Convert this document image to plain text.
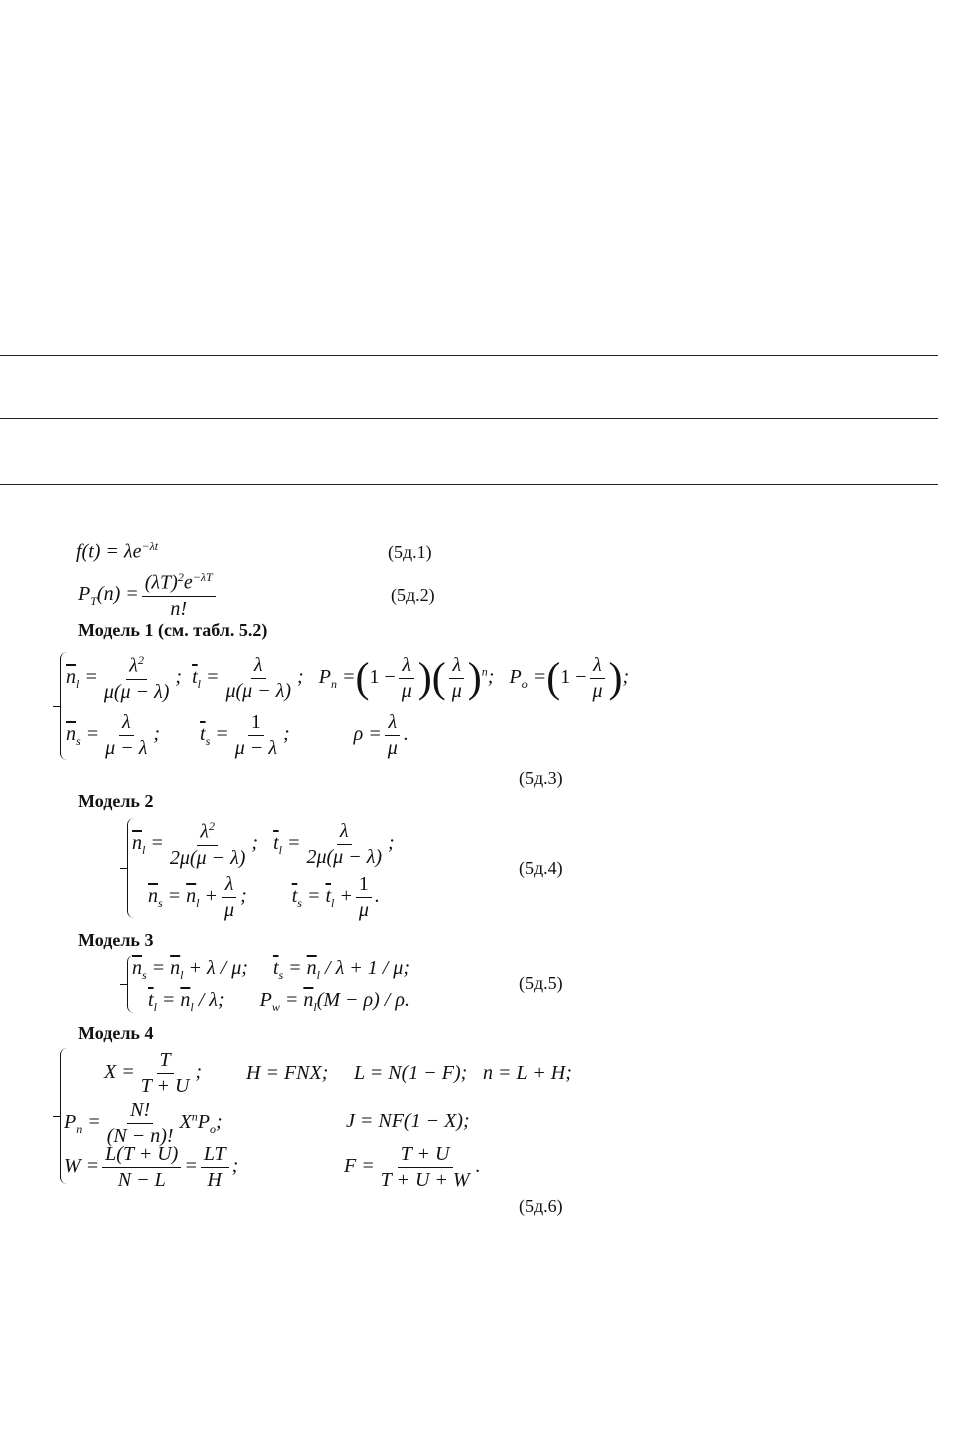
$f(t) = \lambda e^{-\lambda t}$	(5д.1)
$P_T(n) = \frac{(\lambda T)^2e^{-\lambda T}}{n!}$	(5д.2)
Модель 1 (см. табл. 5.2)
$\overline{n}_l = \frac{\lambda^2}{\mu(\mu - \lambda)}$ ;  $\overline{t}_l = \frac{\lambda}{\mu(\mu - \lambda)}$ ;   $P_n =(1 - \frac{\lambda}{\mu}$ )( $\frac{\lambda}{\mu} )^n$;   $P_o =(1 - \frac{\lambda}{\mu}$ );
$\overline{n}_s = \frac{\lambda}{\mu - \lambda}$ ;        $\overline{t}_s = \frac{1}{\mu - \lambda}$ ;	$\rho = \frac{\lambda}{\mu}$ .
(5д.3)
Модель 2
$\overline{n}_l = \frac{\lambda^2}{2\mu(\mu - \lambda)}$ ;   $\overline{t}_l = \frac{\lambda}{2\mu(\mu - \lambda)}$ ;
$\overline{n}_s = \overline{n}_l + \frac{\lambda}{\mu}$ ;         $\overline{t}_s = \overline{t}_l + \frac{1}{\mu}$ .
(5д.4)
Модель 3
$\overline{n}_s = \overline{n}_l + \lambda / \mu$;     $\overline{t}_s = \overline{n}_l / \lambda + 1 / \mu$;
$\overline{t}_l = \overline{n}_l / \lambda$;       $P_w = \overline{n}_l(M - \rho) / \rho$.
(5д.5)
Модель 4
$X = \frac{T}{T + U}$ ; H = FNX; L = N(1 − F); n = L + H;
$P_n = \frac{N!}{(N - n)!} X^nP_o$;	J = NF(1 − X);
$W = \frac{L(T + U)}{N - L} = \frac{LT}{H}$ ;	$F = \frac{T + U}{T + U + W}$ .
(5д.6)
